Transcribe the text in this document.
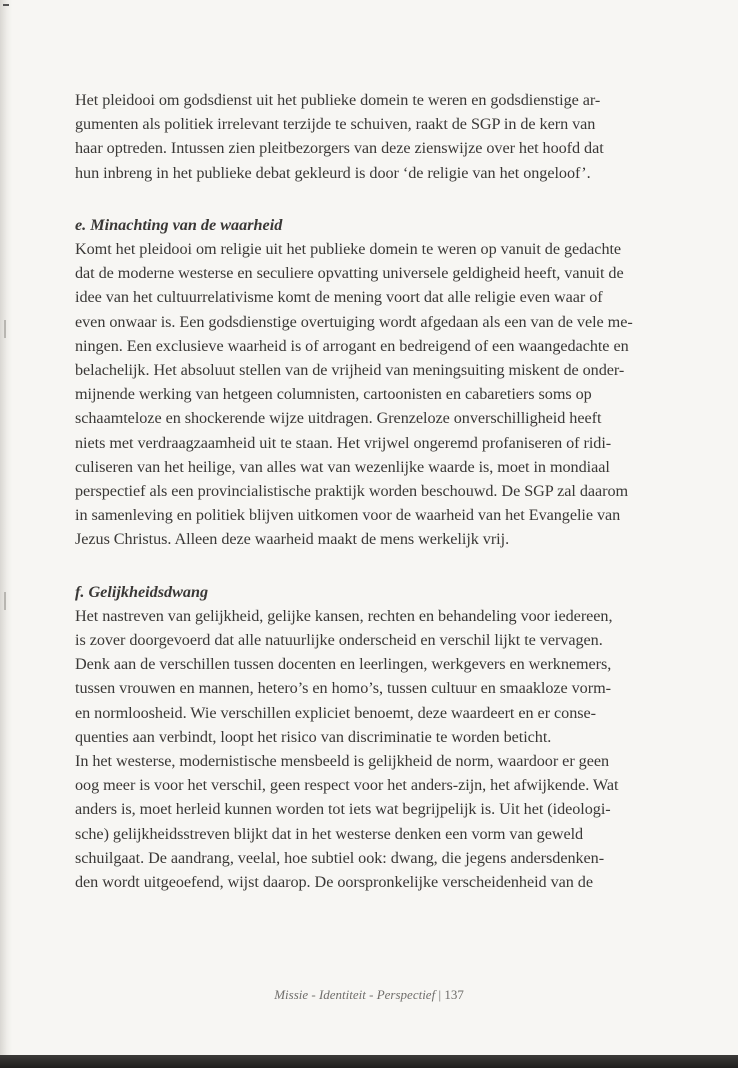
Het pleidooi om godsdienst uit het publieke domein te weren en godsdienstige ar-
gumenten als politiek irrelevant terzijde te schuiven, raakt de SGP in de kern van
haar optreden. Intussen zien pleitbezorgers van deze zienswijze over het hoofd dat
hun inbreng in het publieke debat gekleurd is door ‘de religie van het ongeloof’.

e. Minachting van de waarheid

Komt het pleidooi om religie uit het publieke domein te weren op vanuit de gedachte
dat de moderne westerse en seculiere opvatting universele geldigheid heeft, vanuit de
idee van het cultuurrelativisme komt de mening voort dat alle religie even waar of
even onwaar is. Een godsdienstige overtuiging wordt afgedaan als een van de vele me-
ningen. Een exclusieve waarheid is of arrogant en bedreigend of een waangedachte en
belachelijk. Het absoluut stellen van de vrijheid van meningsuiting miskent de onder-
mijnende werking van hetgeen columnisten, cartoonisten en cabaretiers soms op
schaamteloze en shockerende wijze uitdragen. Grenzeloze onverschilligheid heeft
niets met verdraagzaamheid uit te staan. Het vrijwel ongeremd profaniseren of ridi-
culiseren van het heilige, van alles wat van wezenlijke waarde is, moet in mondiaal
perspectief als een provincialistische praktijk worden beschouwd. De SGP zal daarom
in samenleving en politiek blijven uitkomen voor de waarheid van het Evangelie van
Jezus Christus. Alleen deze waarheid maakt de mens werkelijk vrij.

f. Gelijkheidsdwang

Het nastreven van gelijkheid, gelijke kansen, rechten en behandeling voor iedereen,
is zover doorgevoerd dat alle natuurlijke onderscheid en verschil lijkt te vervagen.
Denk aan de verschillen tussen docenten en leerlingen, werkgevers en werknemers,
tussen vrouwen en mannen, hetero’s en homo’s, tussen cultuur en smaakloze vorm-
en normloosheid. Wie verschillen expliciet benoemt, deze waardeert en er conse-
quenties aan verbindt, loopt het risico van discriminatie te worden beticht.

In het westerse, modernistische mensbeeld is gelijkheid de norm, waardoor er geen
oog meer is voor het verschil, geen respect voor het anders-zijn, het afwijkende. Wat
anders is, moet herleid kunnen worden tot iets wat begrijpelijk is. Uit het (ideologi-
sche) gelijkheidsstreven blijkt dat in het westerse denken een vorm van geweld
schuilgaat. De aandrang, veelal, hoe subtiel ook: dwang, die jegens andersdenken-
den wordt uitgeoefend, wijst daarop. De oorspronkelijke verscheidenheid van de

Missie - Identiteit - Perspectief | 137
